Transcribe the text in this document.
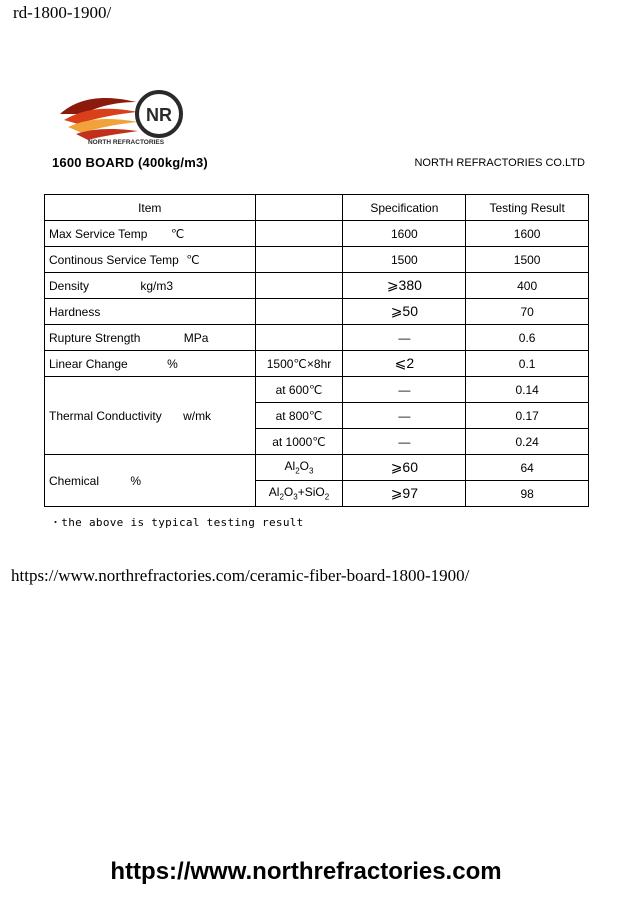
rd-1800-1900/
NR
NORTH REFRACTORIES
1600 BOARD (400kg/m3)	NORTH REFRACTORIES CO.LTD
Item		Specification	Testing Result
Max Service Temp ℃		1600	1600
Continous Service Temp ℃		1500	1500
Density kg/m3		⩾380	400
Hardness		⩾50	70
Rupture Strength MPa		—	0.6
Linear Change %	1500℃×8hr	⩽2	0.1
Thermal Conductivity w/mk	at 600℃	—	0.14
	at 800℃	—	0.17
	at 1000℃	—	0.24
Chemical %	$Al_2O_3$	⩾60	64
	$Al_2O_3+SiO_2$	⩾97	98
・the above is typical testing result
https://www.northrefractories.com/ceramic-fiber-board-1800-1900/
https://www.northrefractories.com
